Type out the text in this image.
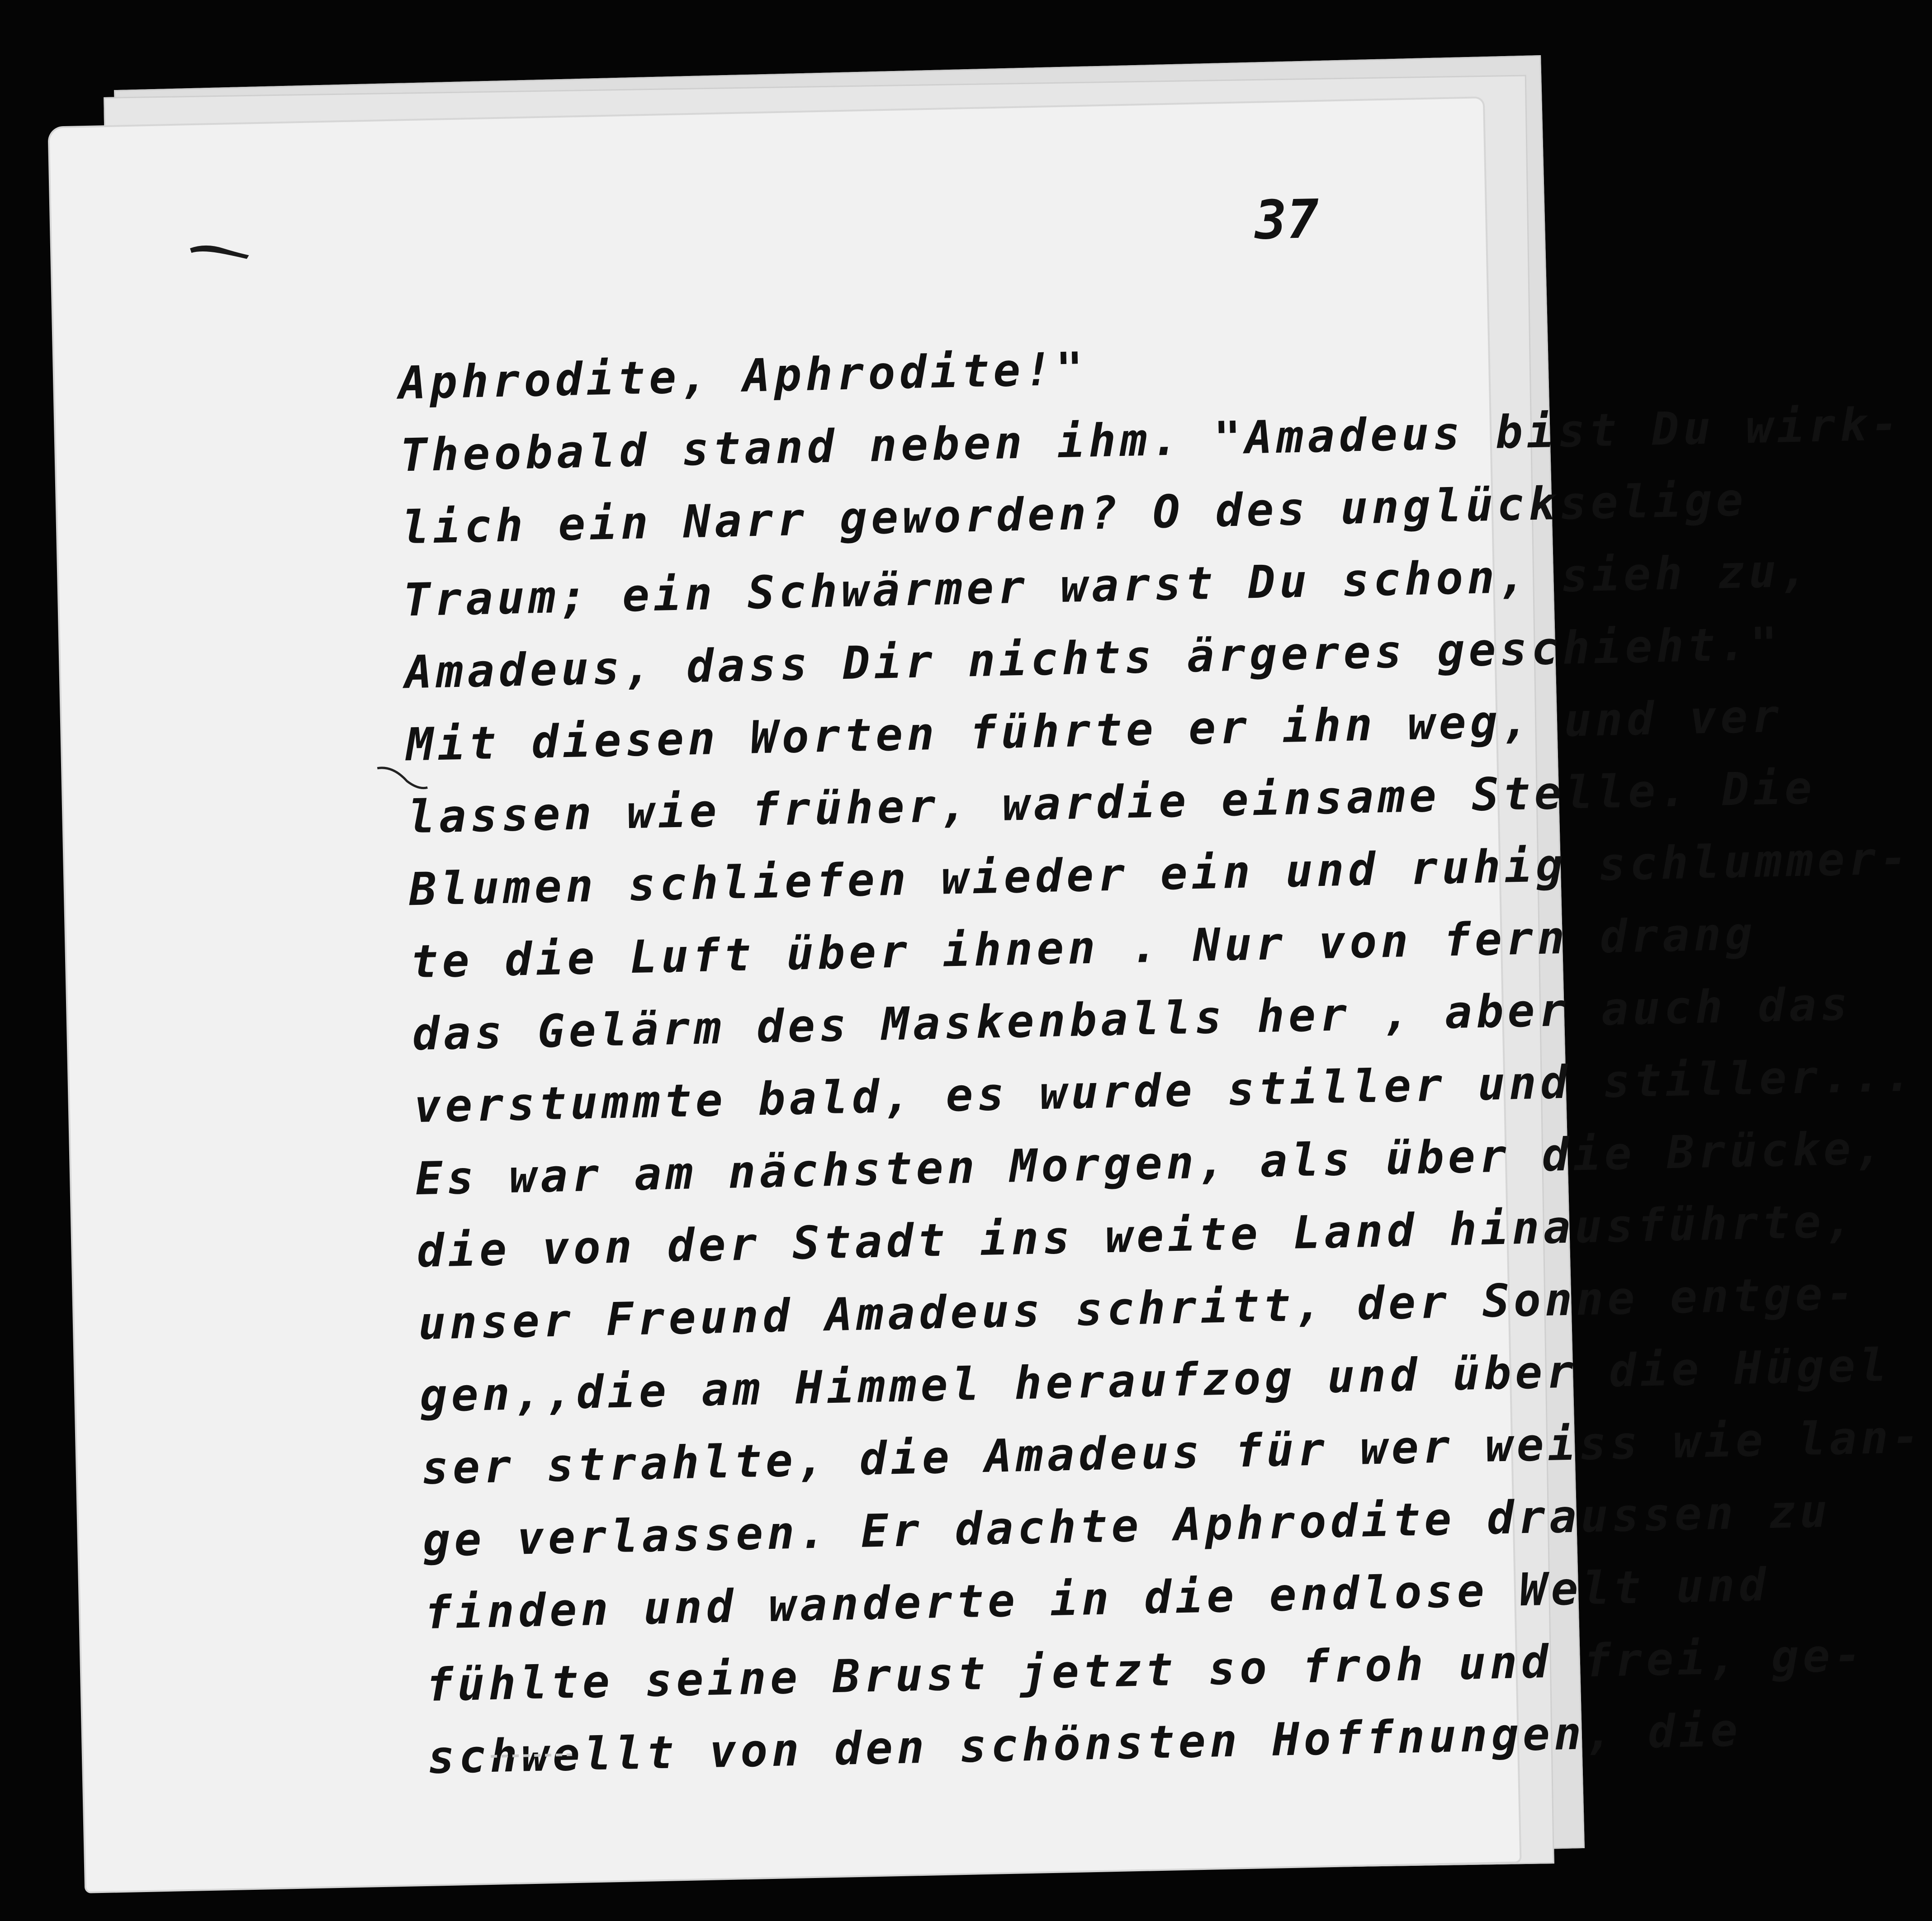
37
Aphrodite, Aphrodite!"
Theobald stand neben ihm. "Amadeus bist Du wirk-
lich ein Narr geworden? O des unglückselige
Traum; ein Schwärmer warst Du schon, sieh zu,
Amadeus, dass Dir nichts ärgeres geschieht."
Mit diesen Worten führte er ihn weg, und ver
lassen wie früher, wardie einsame Stelle. Die
Blumen schliefen wieder ein und ruhig schlummer-
te die Luft über ihnen . Nur von fern drang
das Gelärm des Maskenballs her , aber auch das
verstummte bald, es wurde stiller und stiller...
Es war am nächsten Morgen, als über die Brücke,
die von der Stadt ins weite Land hinausführte,
unser Freund Amadeus schritt, der Sonne entge-
gen,,die am Himmel heraufzog und über die Hügel
ser strahlte, die Amadeus für wer weiss wie lan-
ge verlassen. Er dachte Aphrodite draussen zu
finden und wanderte in die endlose Welt und
fühlte seine Brust jetzt so froh und frei, ge-
schwellt von den schönsten Hoffnungen, die
